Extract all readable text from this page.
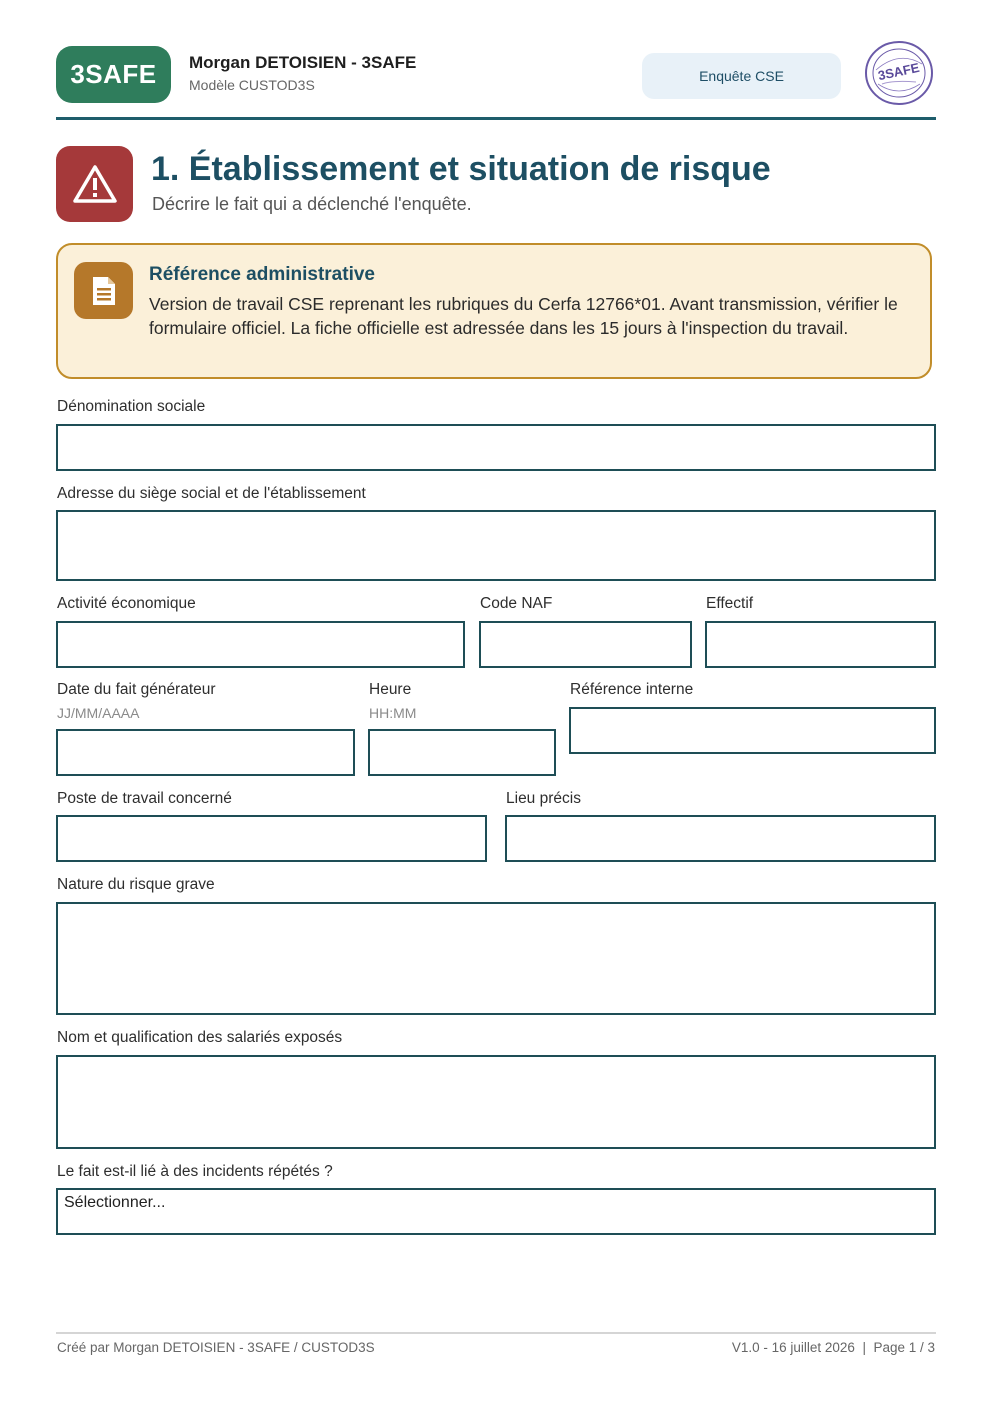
3SAFE Morgan DETOISIEN - 3SAFE
Modèle CUSTOD3S
Enquête CSE	3SAFE
1. Établissement et situation de risque
Décrire le fait qui a déclenché l'enquête.
Référence administrative
Version de travail CSE reprenant les rubriques du Cerfa 12766*01. Avant transmission, vérifier le formulaire officiel. La fiche officielle est adressée dans les 15 jours à l'inspection du travail.
Dénomination sociale
Adresse du siège social et de l'établissement
Activité économique	Code NAF	Effectif
Date du fait générateur
JJ/MM/AAAA
Heure
HH:MM
Référence interne
Poste de travail concerné	Lieu précis
Nature du risque grave
Nom et qualification des salariés exposés
Le fait est-il lié à des incidents répétés ?
Sélectionner...
Créé par Morgan DETOISIEN - 3SAFE / CUSTOD3S	V1.0 - 16 juillet 2026  |  Page 1 / 3
